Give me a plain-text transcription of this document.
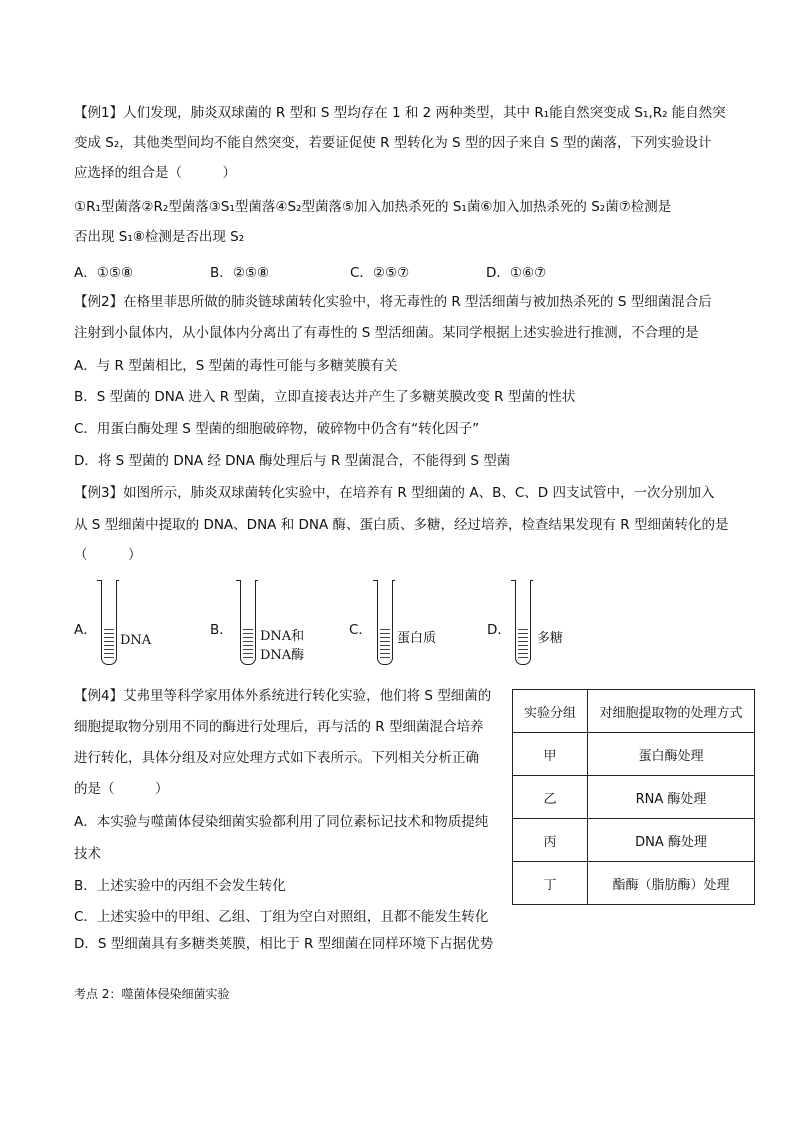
【例1】人们发现，肺炎双球菌的 R 型和 S 型均存在 1 和 2 两种类型，其中 R₁能自然突变成 S₁,R₂ 能自然突
变成 S₂，其他类型间均不能自然突变，若要证促使 R 型转化为 S 型的因子来自 S 型的菌落，下列实验设计
应选择的组合是（　　　）
①R₁型菌落②R₂型菌落③S₁型菌落④S₂型菌落⑤加入加热杀死的 S₁菌⑥加入加热杀死的 S₂菌⑦检测是
否出现 S₁⑧检测是否出现 S₂
A．①⑤⑧	B．②⑤⑧	C．②⑤⑦	D．①⑥⑦
【例2】在格里菲思所做的肺炎链球菌转化实验中，将无毒性的 R 型活细菌与被加热杀死的 S 型细菌混合后
注射到小鼠体内，从小鼠体内分离出了有毒性的 S 型活细菌。某同学根据上述实验进行推测，不合理的是
A．与 R 型菌相比，S 型菌的毒性可能与多糖荚膜有关
B．S 型菌的 DNA 进入 R 型菌，立即直接表达并产生了多糖荚膜改变 R 型菌的性状
C．用蛋白酶处理 S 型菌的细胞破碎物，破碎物中仍含有“转化因子”
D．将 S 型菌的 DNA 经 DNA 酶处理后与 R 型菌混合，不能得到 S 型菌
【例3】如图所示，肺炎双球菌转化实验中，在培养有 R 型细菌的 A、B、C、D 四支试管中，一次分别加入
从 S 型细菌中提取的 DNA、DNA 和 DNA 酶、蛋白质、多糖，经过培养，检查结果发现有 R 型细菌转化的是
（　　　）
A．
DNA
B． DNA和
DNA酶
C．
蛋白质
D．
多糖
【例4】艾弗里等科学家用体外系统进行转化实验，他们将 S 型细菌的
细胞提取物分别用不同的酶进行处理后，再与活的 R 型细菌混合培养
进行转化，具体分组及对应处理方式如下表所示。下列相关分析正确
的是（　　　）
A．本实验与噬菌体侵染细菌实验都利用了同位素标记技术和物质提纯
技术
B．上述实验中的丙组不会发生转化
C．上述实验中的甲组、乙组、丁组为空白对照组，且都不能发生转化
D．S 型细菌具有多糖类荚膜，相比于 R 型细菌在同样环境下占据优势
实验分组	对细胞提取物的处理方式
甲	蛋白酶处理
乙	RNA 酶处理
丙	DNA 酶处理
丁	酯酶（脂肪酶）处理
考点 2：噬菌体侵染细菌实验
